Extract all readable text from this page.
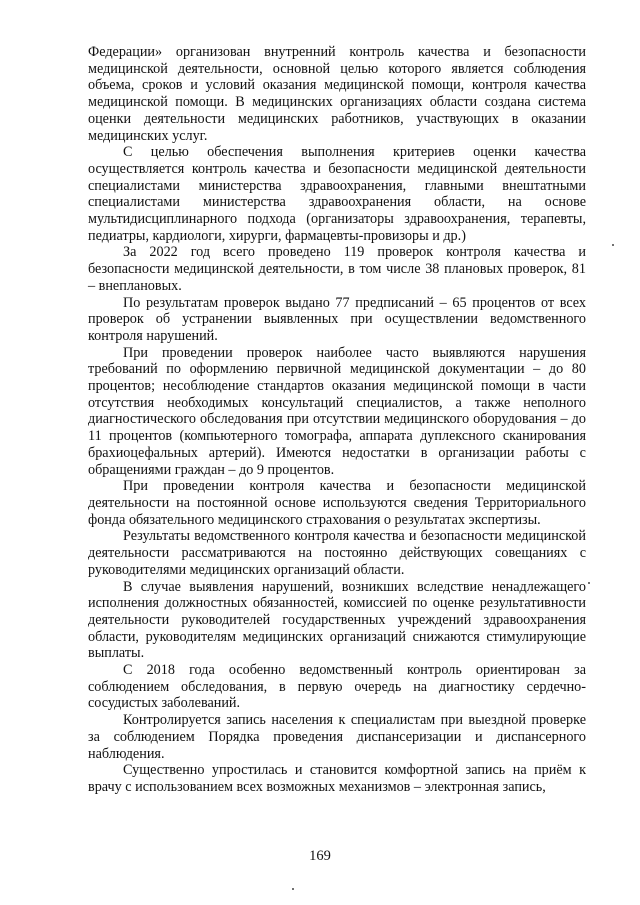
Федерации» организован внутренний контроль качества и безопасности медицинской деятельности, основной целью которого является соблюдения объема, сроков и условий оказания медицинской помощи, контроля качества медицинской помощи. В медицинских организациях области создана система оценки деятельности медицинских работников, участвующих в оказании медицинских услуг.

С целью обеспечения выполнения критериев оценки качества осуществляется контроль качества и безопасности медицинской деятельности специалистами министерства здравоохранения, главными внештатными специалистами министерства здравоохранения области, на основе мультидисциплинарного подхода (организаторы здравоохранения, терапевты, педиатры, кардиологи, хирурги, фармацевты-провизоры и др.)

За 2022 год всего проведено 119 проверок контроля качества и безопасности медицинской деятельности, в том числе 38 плановых проверок, 81 – внеплановых.

По результатам проверок выдано 77 предписаний – 65 процентов от всех проверок об устранении выявленных при осуществлении ведомственного контроля нарушений.

При проведении проверок наиболее часто выявляются нарушения требований по оформлению первичной медицинской документации – до 80 процентов; несоблюдение стандартов оказания медицинской помощи в части отсутствия необходимых консультаций специалистов, а также неполного диагностического обследования при отсутствии медицинского оборудования – до 11 процентов (компьютерного томографа, аппарата дуплексного сканирования брахиоцефальных артерий). Имеются недостатки в организации работы с обращениями граждан – до 9 процентов.

При проведении контроля качества и безопасности медицинской деятельности на постоянной основе используются сведения Территориального фонда обязательного медицинского страхования о результатах экспертизы.

Результаты ведомственного контроля качества и безопасности медицинской деятельности рассматриваются на постоянно действующих совещаниях с руководителями медицинских организаций области.

В случае выявления нарушений, возникших вследствие ненадлежащего исполнения должностных обязанностей, комиссией по оценке результативности деятельности руководителей государственных учреждений здравоохранения области, руководителям медицинских организаций снижаются стимулирующие выплаты.

С 2018 года особенно ведомственный контроль ориентирован за соблюдением обследования, в первую очередь на диагностику сердечно-сосудистых заболеваний.

Контролируется запись населения к специалистам при выездной проверке за соблюдением Порядка проведения диспансеризации и диспансерного наблюдения.

Существенно упростилась и становится комфортной запись на приём к врачу с использованием всех возможных механизмов – электронная запись,

169
